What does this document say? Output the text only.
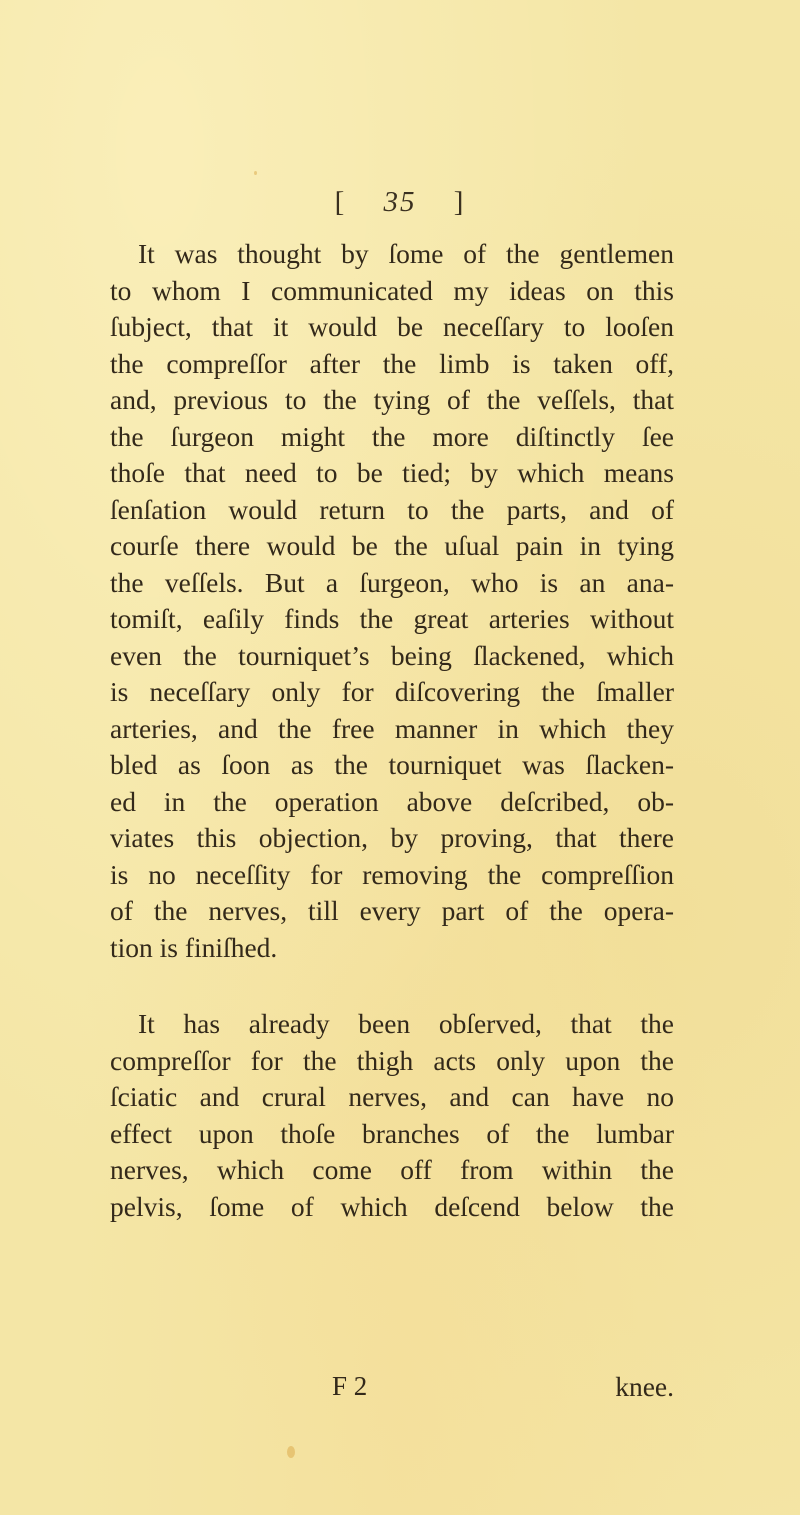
[ 35 ]
It was thought by ſome of the gentlemen
to whom I communicated my ideas on this
ſubject, that it would be neceſſary to looſen
the compreſſor after the limb is taken off,
and, previous to the tying of the veſſels, that
the ſurgeon might the more diſtinctly ſee
thoſe that need to be tied; by which means
ſenſation would return to the parts, and of
courſe there would be the uſual pain in tying
the veſſels. But a ſurgeon, who is an ana-
tomiſt, eaſily finds the great arteries without
even the tourniquet’s being ſlackened, which
is neceſſary only for diſcovering the ſmaller
arteries, and the free manner in which they
bled as ſoon as the tourniquet was ſlacken-
ed in the operation above deſcribed, ob-
viates this objection, by proving, that there
is no neceſſity for removing the compreſſion
of the nerves, till every part of the opera-
tion is finiſhed.
It has already been obſerved, that the
compreſſor for the thigh acts only upon the
ſciatic and crural nerves, and can have no
effect upon thoſe branches of the lumbar
nerves, which come off from within the
pelvis, ſome of which deſcend below the
F 2	knee.
